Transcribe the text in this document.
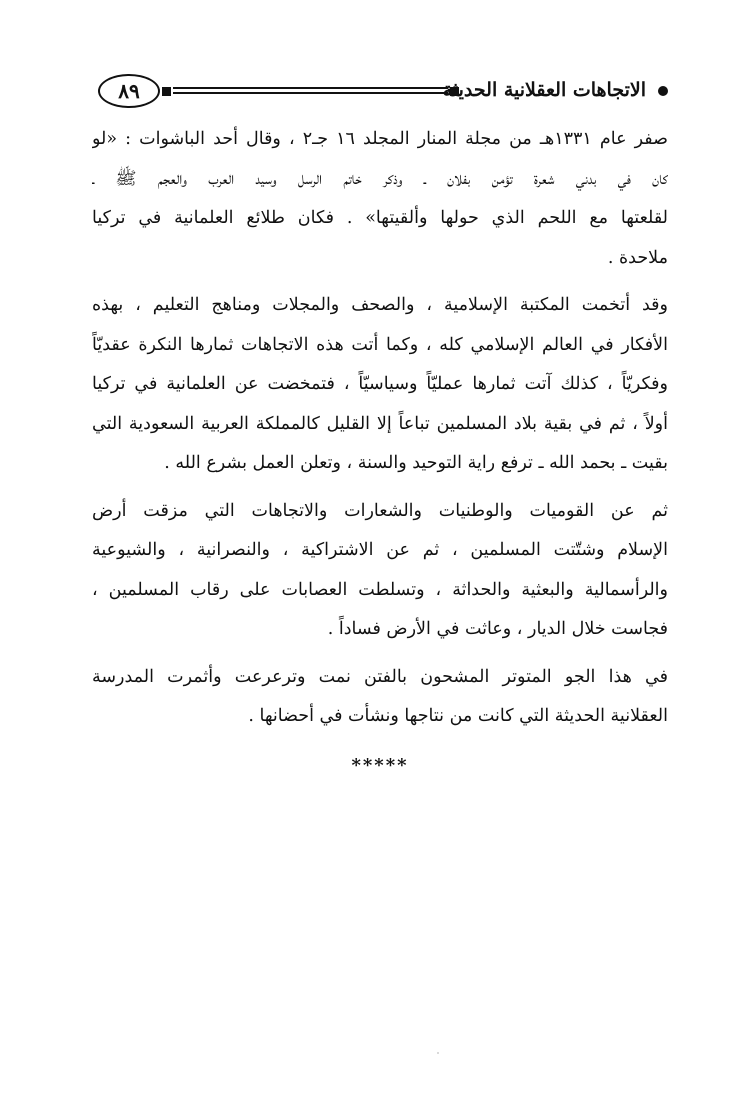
٨٩	الاتجاهات العقلانية الحديثة
صفر عام ١٣٣١هـ من مجلة المنار المجلد ١٦ جـ٢ ، وقال أحد الباشوات : «لو
كان في بدني شعرة تؤمن بفلان ـ وذكر خاتم الرسل وسيد العرب والعجم ﷺ ـ
لقلعتها مع اللحم الذي حولها وألقيتها» . فكان طلائع العلمانية في تركيا
ملاحدة .
وقد أتخمت المكتبة الإسلامية ، والصحف والمجلات ومناهج التعليم ، بهذه
الأفكار في العالم الإسلامي كله ، وكما أتت هذه الاتجاهات ثمارها النكرة عقديّاً
وفكريّاً ، كذلك آتت ثمارها عمليّاً وسياسيّاً ، فتمخضت عن العلمانية في تركيا
أولاً ، ثم في بقية بلاد المسلمين تباعاً إلا القليل كالمملكة العربية السعودية التي
بقيت ـ بحمد الله ـ ترفع راية التوحيد والسنة ، وتعلن العمل بشرع الله .
ثم عن القوميات والوطنيات والشعارات والاتجاهات التي مزقت أرض
الإسلام وشتّتت المسلمين ، ثم عن الاشتراكية ، والنصرانية ، والشيوعية
والرأسمالية والبعثية والحداثة ، وتسلطت العصابات على رقاب المسلمين ،
فجاست خلال الديار ، وعاثت في الأرض فساداً .
في هذا الجو المتوتر المشحون بالفتن نمت وترعرعت وأثمرت المدرسة
العقلانية الحديثة التي كانت من نتاجها ونشأت في أحضانها .
*****
